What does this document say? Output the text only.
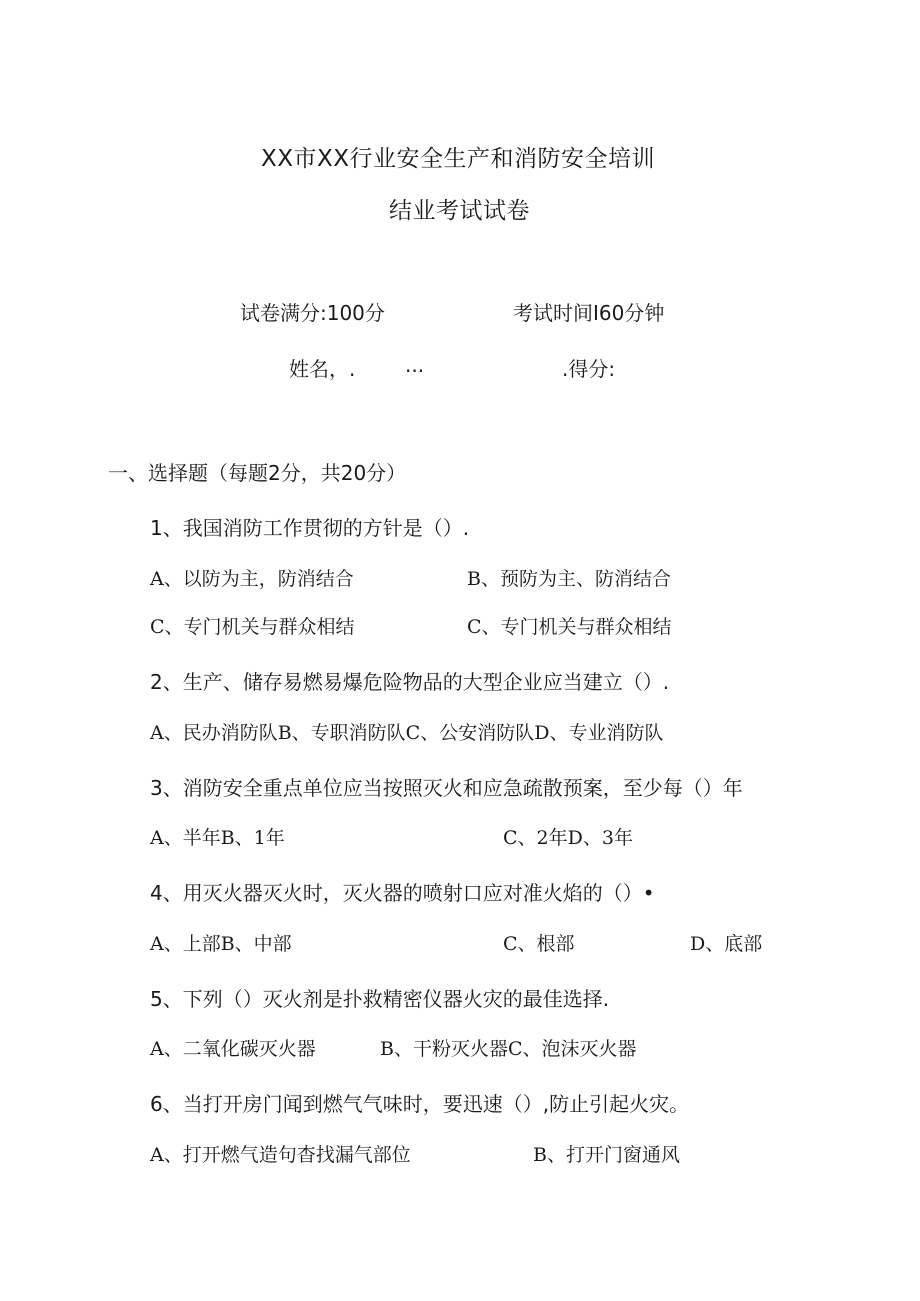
XX市XX行业安全生产和消防安全培训
结业考试试卷
试卷满分:100分	考试时间I60分钟
姓名，. ...	.得分:
一、选择题（每题2分，共20分）
1、我国消防工作贯彻的方针是（）.
A、以防为主，防消结合	B、预防为主、防消结合
C、专门机关与群众相结	C、专门机关与群众相结
2、生产、储存易燃易爆危险物品的大型企业应当建立（）.
A、民办消防队B、专职消防队C、公安消防队D、专业消防队
3、消防安全重点单位应当按照灭火和应急疏散预案，至少每（）年
A、半年B、1年	C、2年D、3年
4、用灭火器灭火时，灭火器的喷射口应对准火焰的（）•
A、上部B、中部	C、根部	D、底部
5、下列（）灭火剂是扑救精密仪器火灾的最佳选择.
A、二氧化碳灭火器	B、干粉灭火器C、泡沫灭火器
6、当打开房门闻到燃气气味时，要迅速（）,防止引起火灾。
A、打开燃气造句杳找漏气部位	B、打开门窗通风
